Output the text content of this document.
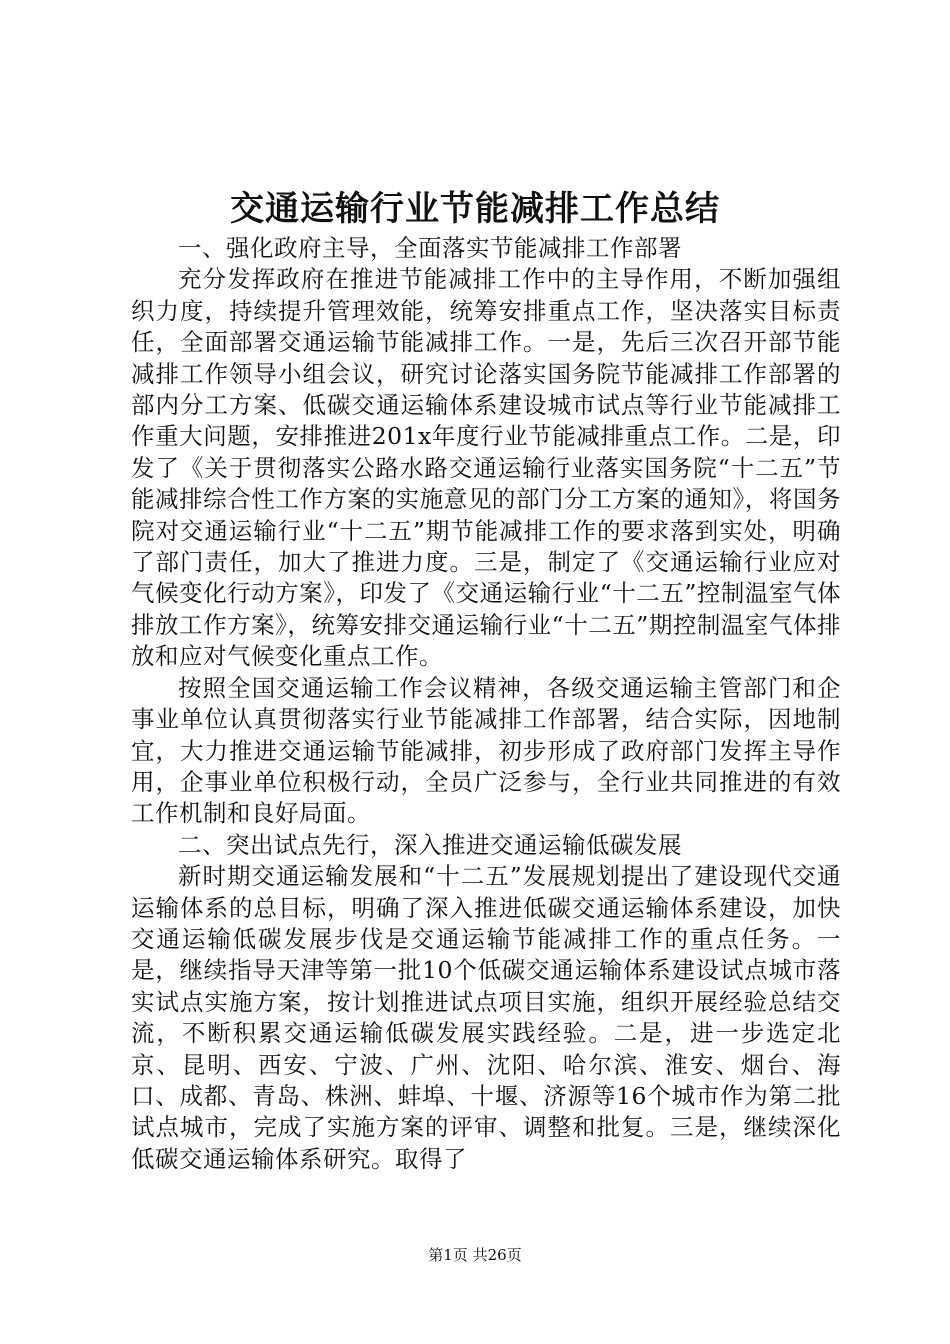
交通运输行业节能减排工作总结

一、强化政府主导，全面落实节能减排工作部署

充分发挥政府在推进节能减排工作中的主导作用，不断加强组织力度，持续提升管理效能，统筹安排重点工作，坚决落实目标责任，全面部署交通运输节能减排工作。一是，先后三次召开部节能减排工作领导小组会议，研究讨论落实国务院节能减排工作部署的部内分工方案、低碳交通运输体系建设城市试点等行业节能减排工作重大问题，安排推进201x年度行业节能减排重点工作。二是，印发了《关于贯彻落实公路水路交通运输行业落实国务院“十二五”节能减排综合性工作方案的实施意见的部门分工方案的通知》，将国务院对交通运输行业“十二五”期节能减排工作的要求落到实处，明确了部门责任，加大了推进力度。三是，制定了《交通运输行业应对气候变化行动方案》，印发了《交通运输行业“十二五”控制温室气体排放工作方案》，统筹安排交通运输行业“十二五”期控制温室气体排放和应对气候变化重点工作。

按照全国交通运输工作会议精神，各级交通运输主管部门和企事业单位认真贯彻落实行业节能减排工作部署，结合实际，因地制宜，大力推进交通运输节能减排，初步形成了政府部门发挥主导作用，企事业单位积极行动，全员广泛参与，全行业共同推进的有效工作机制和良好局面。

二、突出试点先行，深入推进交通运输低碳发展

新时期交通运输发展和“十二五”发展规划提出了建设现代交通运输体系的总目标，明确了深入推进低碳交通运输体系建设，加快交通运输低碳发展步伐是交通运输节能减排工作的重点任务。一是，继续指导天津等第一批10个低碳交通运输体系建设试点城市落实试点实施方案，按计划推进试点项目实施，组织开展经验总结交流，不断积累交通运输低碳发展实践经验。二是，进一步选定北京、昆明、西安、宁波、广州、沈阳、哈尔滨、淮安、烟台、海口、成都、青岛、株洲、蚌埠、十堰、济源等16个城市作为第二批试点城市，完成了实施方案的评审、调整和批复。三是，继续深化低碳交通运输体系研究。取得了

第1页 共26页
